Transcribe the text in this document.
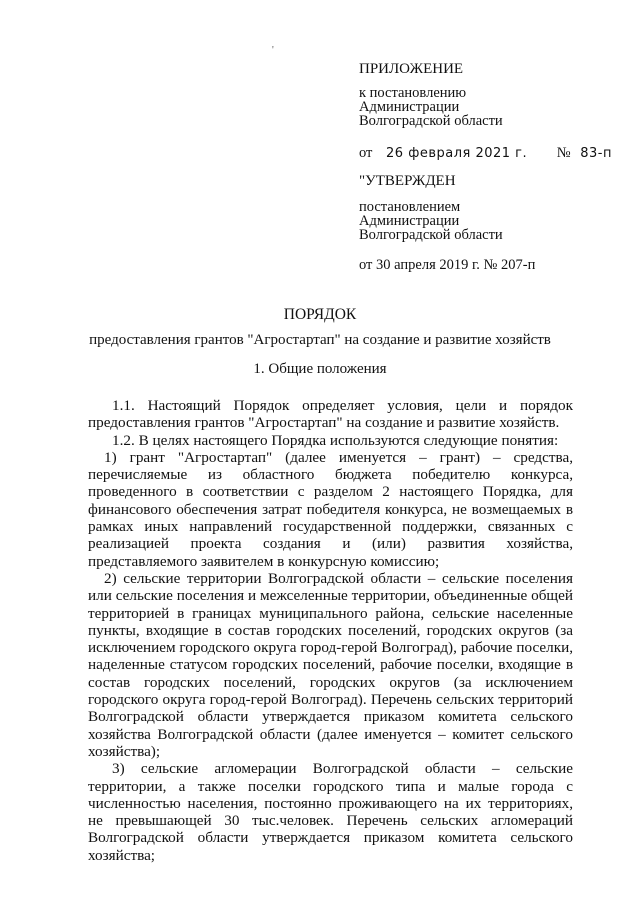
'
ПРИЛОЖЕНИЕ
к постановлению
Администрации
Волгоградской области
от 26 февраля 2021 г. № 83-п
"УТВЕРЖДЕН
постановлением
Администрации
Волгоградской области
от 30 апреля 2019 г. № 207-п
ПОРЯДОК
предоставления грантов "Агростартап" на создание и развитие хозяйств
1. Общие положения

1.1. Настоящий Порядок определяет условия, цели и порядок предоставления грантов "Агростартап" на создание и развитие хозяйств.

1.2. В целях настоящего Порядка используются следующие понятия:

1) грант "Агростартап" (далее именуется – грант) – средства, перечисляемые из областного бюджета победителю конкурса, проведенного в соответствии с разделом 2 настоящего Порядка, для финансового обеспечения затрат победителя конкурса, не возмещаемых в рамках иных направлений государственной поддержки, связанных с реализацией проекта создания и (или) развития хозяйства, представляемого заявителем в конкурсную комиссию;

2) сельские территории Волгоградской области – сельские поселения или сельские поселения и межселенные территории, объединенные общей территорией в границах муниципального района, сельские населенные пункты, входящие в состав городских поселений, городских округов (за исключением городского округа город-герой Волгоград), рабочие поселки, наделенные статусом городских поселений, рабочие поселки, входящие в состав городских поселений, городских округов (за исключением городского округа город-герой Волгоград). Перечень сельских территорий Волгоградской области утверждается приказом комитета сельского хозяйства Волгоградской области (далее именуется – комитет сельского хозяйства);

3) сельские агломерации Волгоградской области – сельские территории, а также поселки городского типа и малые города с численностью населения, постоянно проживающего на их территориях, не превышающей 30 тыс.человек. Перечень сельских агломераций Волгоградской области утверждается приказом комитета сельского хозяйства;
